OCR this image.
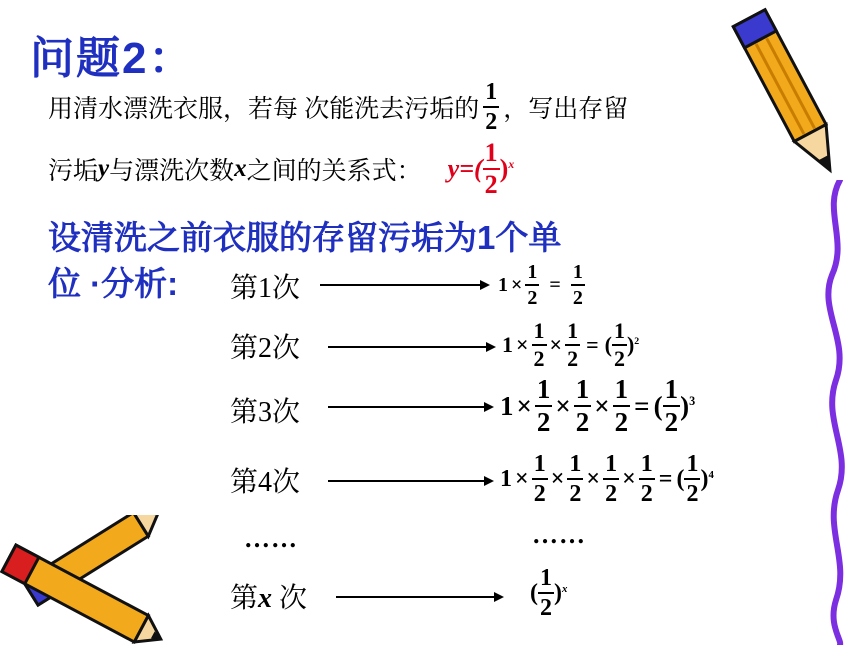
问题2：
用清水漂洗衣服，若每 次能洗去污垢的 $\frac{1}{2}$ ，写出存留
污垢 y 与漂洗次数 x 之间的关系式： $y=( \frac{1}{2} )^x$
设清洗之前衣服的存留污垢为1个单
位 ·分析: 第1次	$1 \times \frac{1}{2} = \frac{1}{2}$
第2次	$1 \times \frac{1}{2} \times \frac{1}{2}$ = ( $\frac{1}{2} )^2$
第3次	$1 \times \frac{1}{2} \times \frac{1}{2} \times \frac{1}{2}$ = ( $\frac{1}{2} )^3$
第4次	$1 \times \frac{1}{2} \times \frac{1}{2} \times \frac{1}{2} \times \frac{1}{2}$ = ( $\frac{1}{2} )^4$
……	……
第x 次	( $\frac{1}{2} )^x$
